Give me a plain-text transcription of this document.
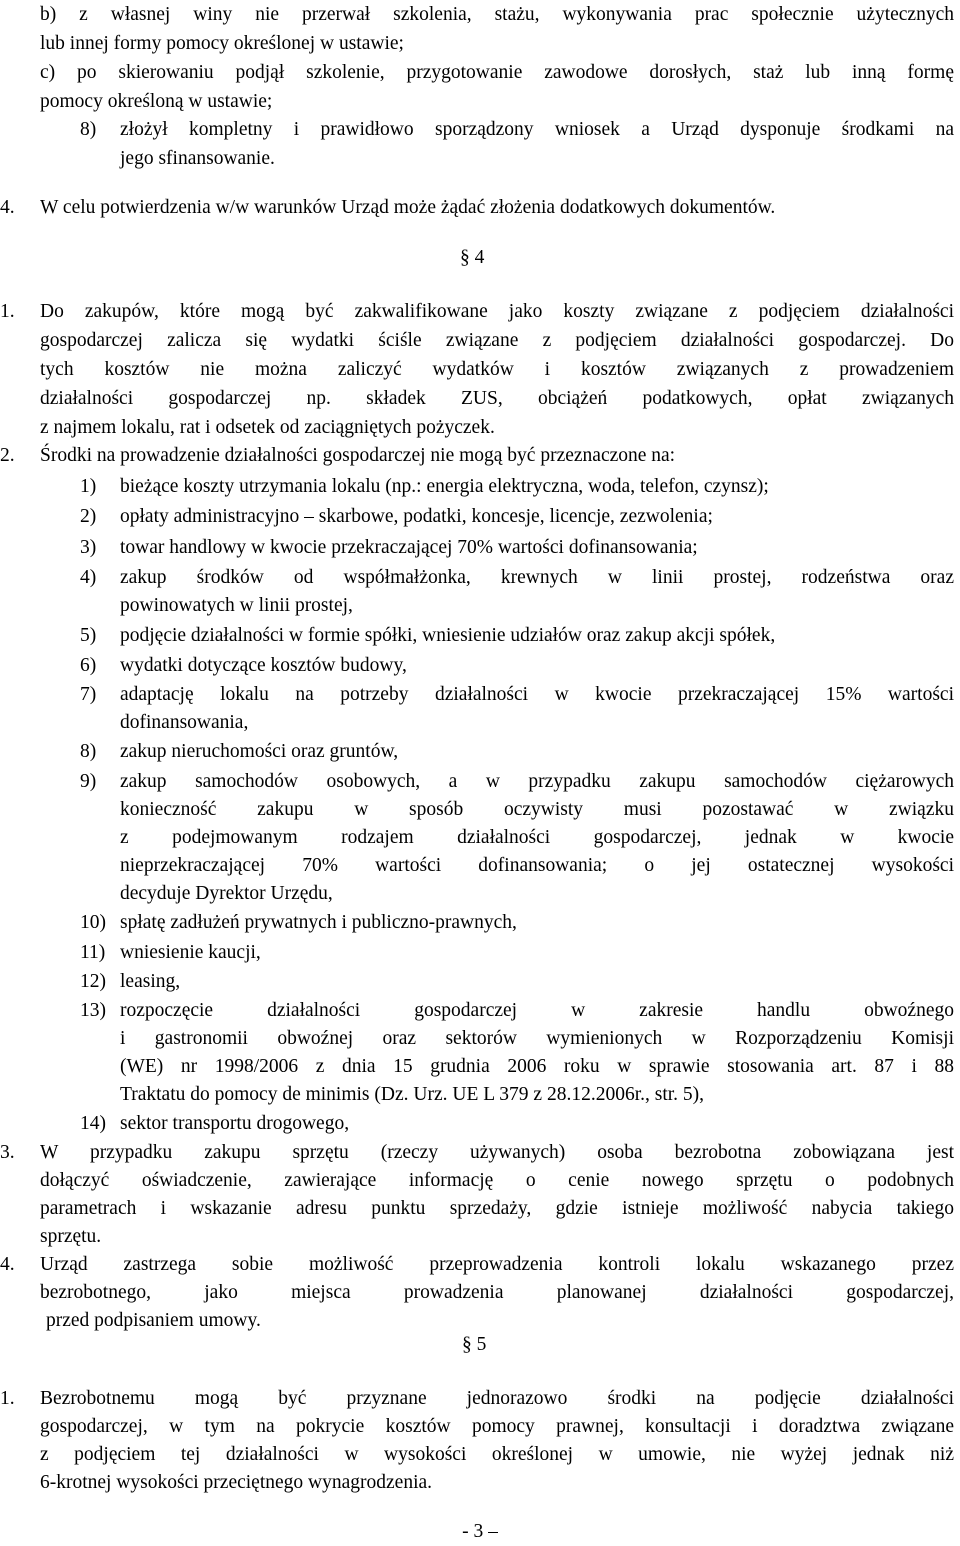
b) z własnej winy nie przerwał szkolenia, stażu, wykonywania prac społecznie użytecznych
lub innej formy pomocy określonej w ustawie;
c) po skierowaniu podjął szkolenie, przygotowanie zawodowe dorosłych, staż lub inną formę
pomocy określoną w ustawie;
8) złożył kompletny i prawidłowo sporządzony wniosek a Urząd dysponuje środkami na
jego sfinansowanie.
4. W celu potwierdzenia w/w warunków Urząd może żądać złożenia dodatkowych dokumentów.
§ 4
1. Do zakupów, które mogą być zakwalifikowane jako koszty związane z podjęciem działalności
gospodarczej zalicza się wydatki ściśle związane z podjęciem działalności gospodarczej. Do
tych kosztów nie można zaliczyć wydatków i kosztów związanych z prowadzeniem
działalności gospodarczej np. składek ZUS, obciążeń podatkowych, opłat związanych
z najmem lokalu, rat i odsetek od zaciągniętych pożyczek.
2. Środki na prowadzenie działalności gospodarczej nie mogą być przeznaczone na:
1) bieżące koszty utrzymania lokalu (np.: energia elektryczna, woda, telefon, czynsz);
2) opłaty administracyjno – skarbowe, podatki, koncesje, licencje, zezwolenia;
3) towar handlowy w kwocie przekraczającej 70% wartości dofinansowania;
4) zakup środków od współmałżonka, krewnych w linii prostej, rodzeństwa oraz
powinowatych w linii prostej,
5) podjęcie działalności w formie spółki, wniesienie udziałów oraz zakup akcji spółek,
6) wydatki dotyczące kosztów budowy,
7) adaptację lokalu na potrzeby działalności w kwocie przekraczającej 15% wartości
dofinansowania,
8) zakup nieruchomości oraz gruntów,
9) zakup samochodów osobowych, a w przypadku zakupu samochodów ciężarowych
konieczność zakupu w sposób oczywisty musi pozostawać w związku
z podejmowanym rodzajem działalności gospodarczej, jednak w kwocie
nieprzekraczającej 70% wartości dofinansowania; o jej ostatecznej wysokości
decyduje Dyrektor Urzędu,
10) spłatę zadłużeń prywatnych i publiczno-prawnych,
11) wniesienie kaucji,
12) leasing,
13) rozpoczęcie działalności gospodarczej w zakresie handlu obwoźnego
i gastronomii obwoźnej oraz sektorów wymienionych w Rozporządzeniu Komisji
(WE) nr 1998/2006 z dnia 15 grudnia 2006 roku w sprawie stosowania art. 87 i 88
Traktatu do pomocy de minimis (Dz. Urz. UE L 379 z 28.12.2006r., str. 5),
14) sektor transportu drogowego,
3. W przypadku zakupu sprzętu (rzeczy używanych) osoba bezrobotna zobowiązana jest
dołączyć oświadczenie, zawierające informację o cenie nowego sprzętu o podobnych
parametrach i wskazanie adresu punktu sprzedaży, gdzie istnieje możliwość nabycia takiego
sprzętu.
4. Urząd zastrzega sobie możliwość przeprowadzenia kontroli lokalu wskazanego przez
bezrobotnego, jako miejsca prowadzenia planowanej działalności gospodarczej,
przed podpisaniem umowy.
§ 5
1. Bezrobotnemu mogą być przyznane jednorazowo środki na podjęcie działalności
gospodarczej, w tym na pokrycie kosztów pomocy prawnej, konsultacji i doradztwa związane
z podjęciem tej działalności w wysokości określonej w umowie, nie wyżej jednak niż
6-krotnej wysokości przeciętnego wynagrodzenia.
- 3 –
